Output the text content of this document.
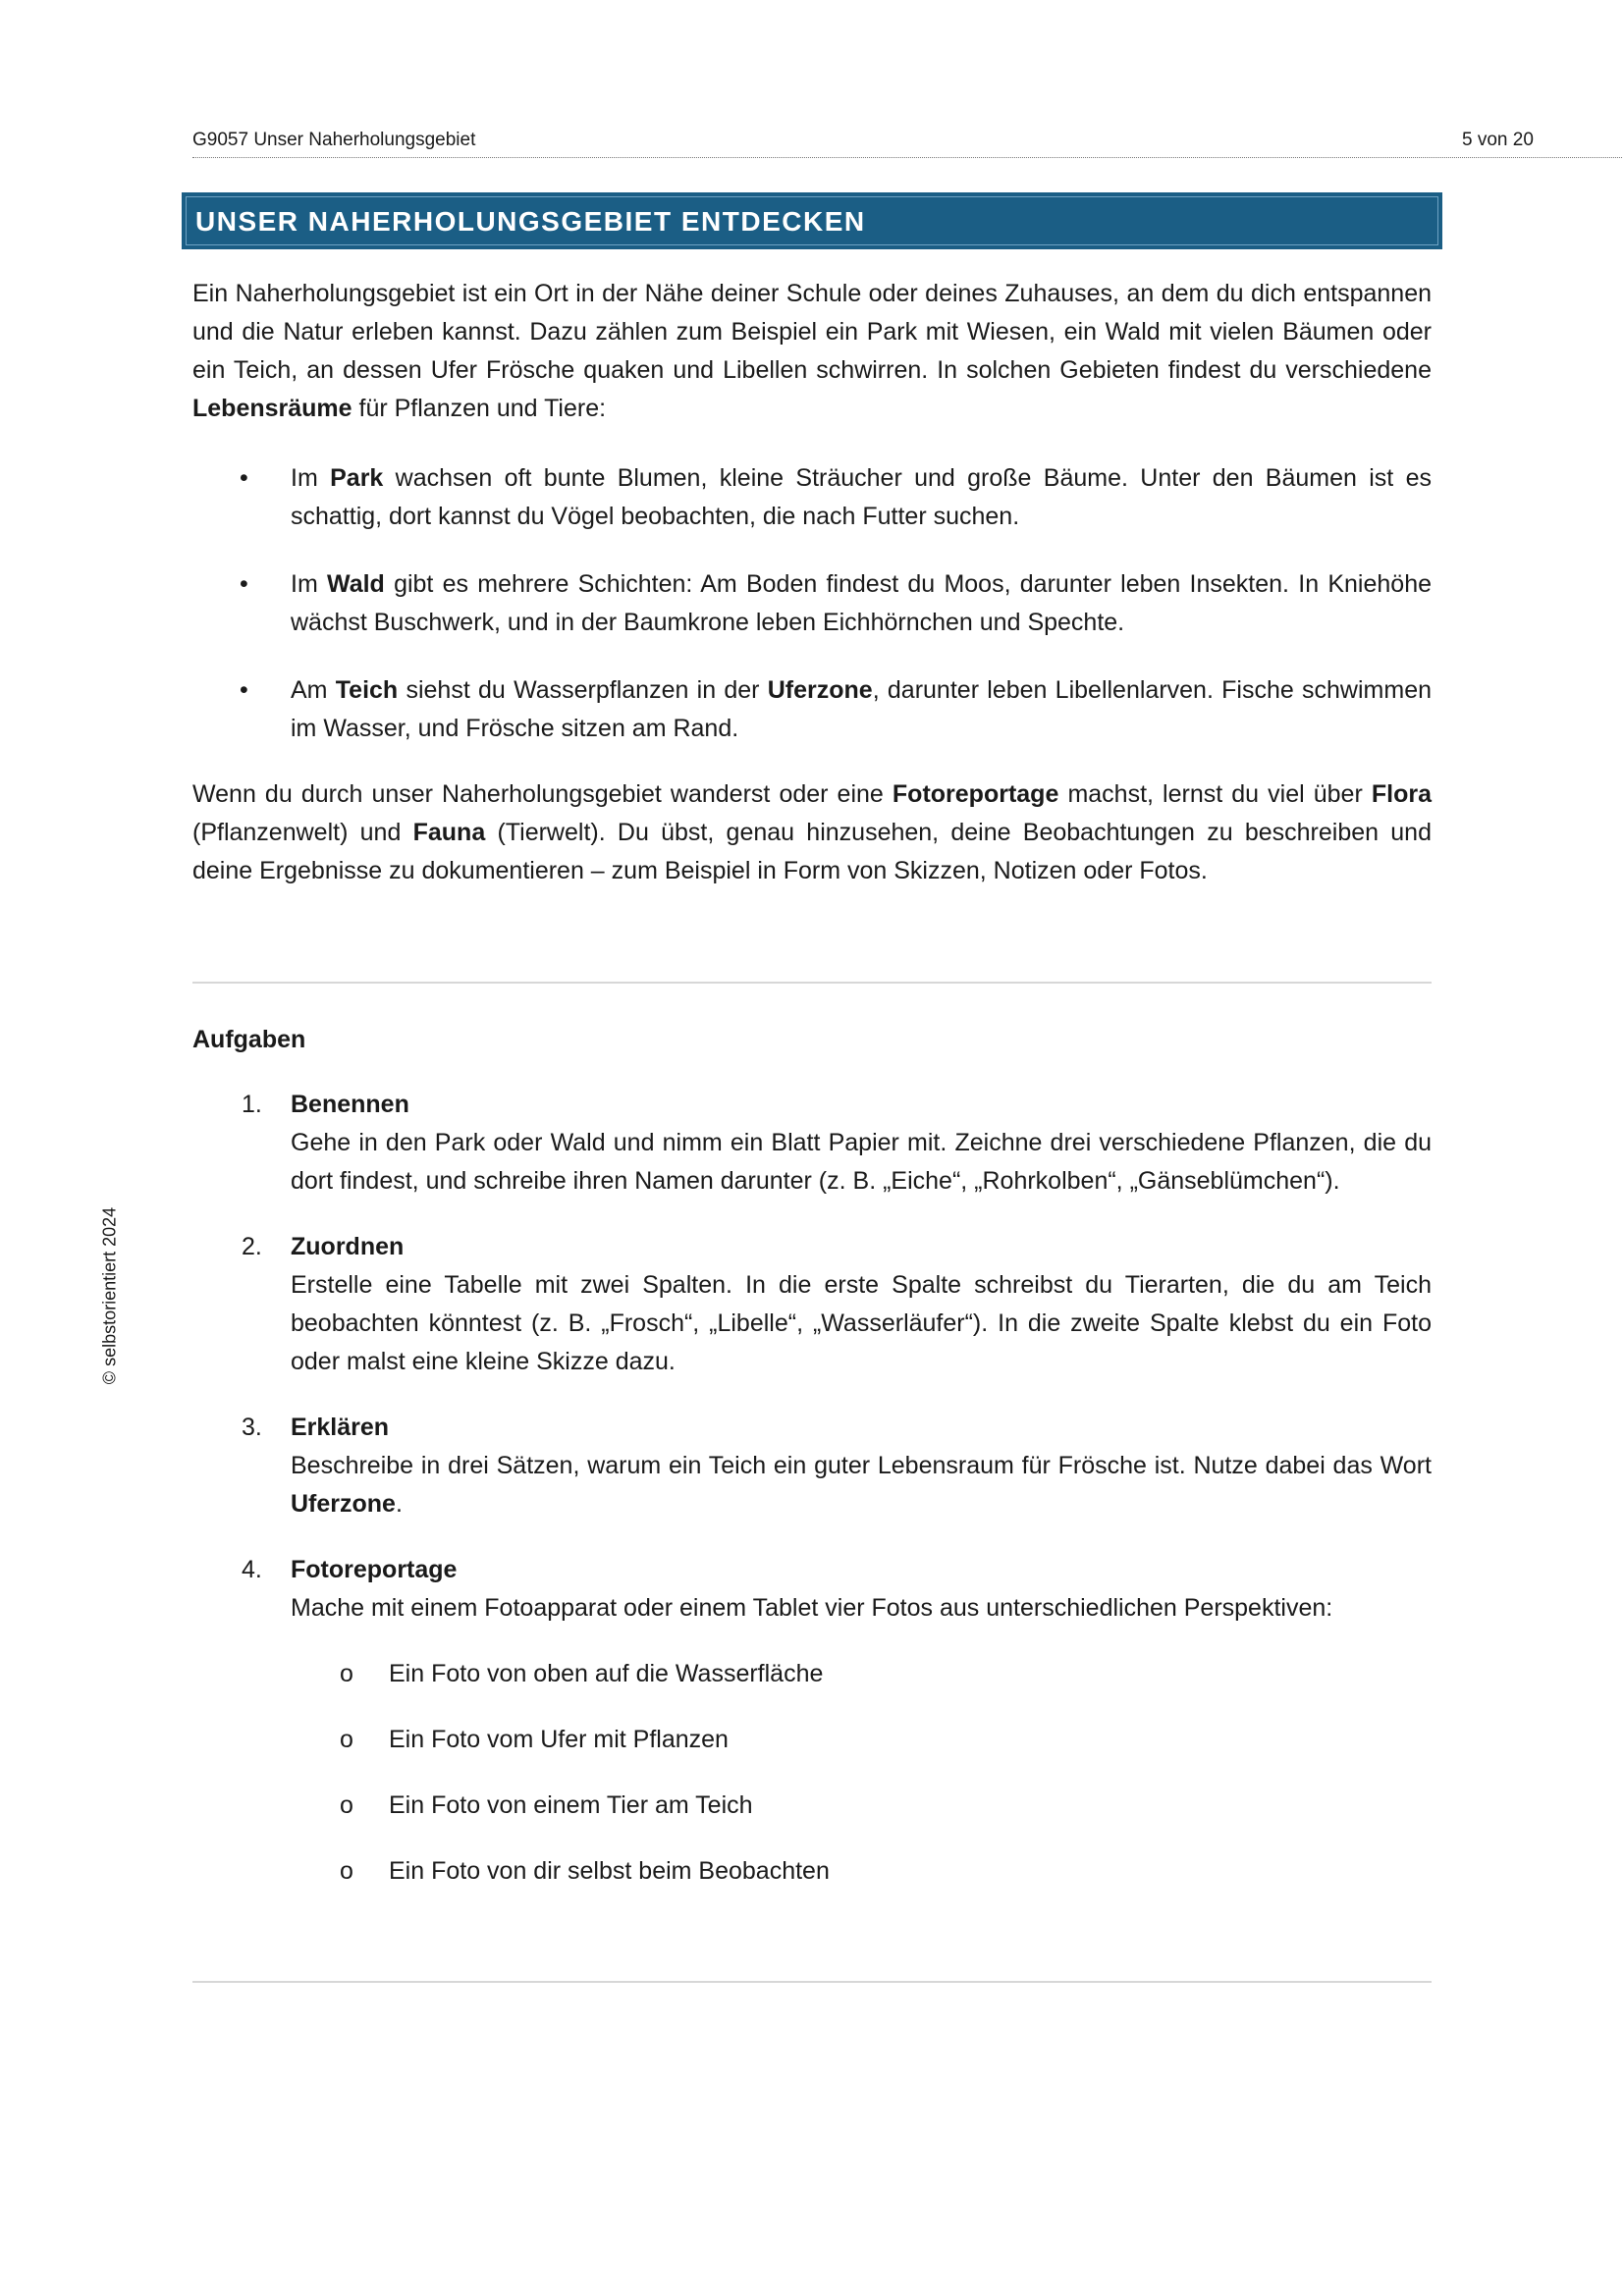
G9057 Unser Naherholungsgebiet	5 von 20
© selbstorientiert 2024
UNSER NAHERHOLUNGSGEBIET ENTDECKEN
Ein Naherholungsgebiet ist ein Ort in der Nähe deiner Schule oder deines Zuhauses, an dem du dich entspannen und die Natur erleben kannst. Dazu zählen zum Beispiel ein Park mit Wiesen, ein Wald mit vielen Bäumen oder ein Teich, an dessen Ufer Frösche quaken und Libellen schwirren. In solchen Gebieten findest du verschiedene Lebensräume für Pflanzen und Tiere:
• Im Park wachsen oft bunte Blumen, kleine Sträucher und große Bäume. Unter den Bäumen ist es schattig, dort kannst du Vögel beobachten, die nach Futter suchen.
• Im Wald gibt es mehrere Schichten: Am Boden findest du Moos, darunter leben Insekten. In Kniehöhe wächst Buschwerk, und in der Baumkrone leben Eichhörnchen und Spechte.
• Am Teich siehst du Wasserpflanzen in der Uferzone, darunter leben Libellenlarven. Fische schwimmen im Wasser, und Frösche sitzen am Rand.
Wenn du durch unser Naherholungsgebiet wanderst oder eine Fotoreportage machst, lernst du viel über Flora (Pflanzenwelt) und Fauna (Tierwelt). Du übst, genau hinzusehen, deine Beobachtungen zu beschreiben und deine Ergebnisse zu dokumentieren – zum Beispiel in Form von Skizzen, Notizen oder Fotos.
Aufgaben
1. Benennen
Gehe in den Park oder Wald und nimm ein Blatt Papier mit. Zeichne drei verschiedene Pflanzen, die du dort findest, und schreibe ihren Namen darunter (z. B. „Eiche“, „Rohrkolben“, „Gänseblümchen“).
2. Zuordnen
Erstelle eine Tabelle mit zwei Spalten. In die erste Spalte schreibst du Tierarten, die du am Teich beobachten könntest (z. B. „Frosch“, „Libelle“, „Wasserläufer“). In die zweite Spalte klebst du ein Foto oder malst eine kleine Skizze dazu.
3. Erklären
Beschreibe in drei Sätzen, warum ein Teich ein guter Lebensraum für Frösche ist. Nutze dabei das Wort Uferzone.
4. Fotoreportage
Mache mit einem Fotoapparat oder einem Tablet vier Fotos aus unterschiedlichen Perspektiven:
o Ein Foto von oben auf die Wasserfläche
o Ein Foto vom Ufer mit Pflanzen
o Ein Foto von einem Tier am Teich
o Ein Foto von dir selbst beim Beobachten
